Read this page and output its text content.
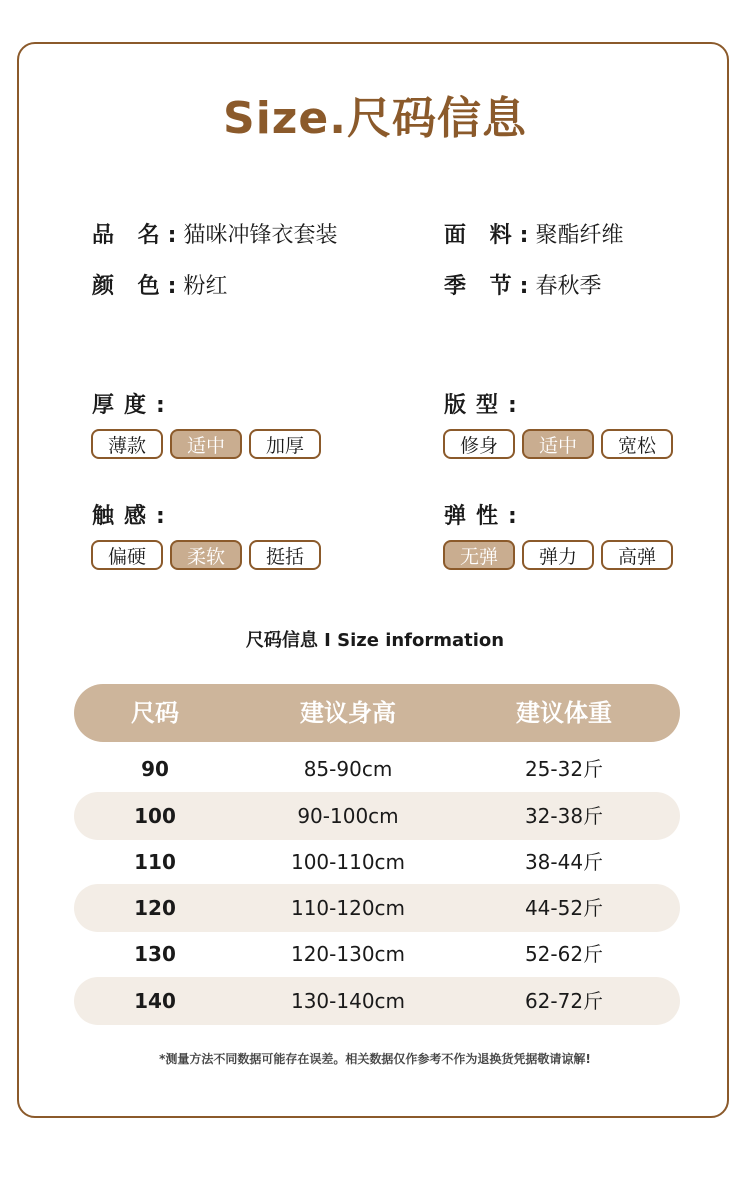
Size.尺码信息
品 名: 猫咪冲锋衣套装	面 料: 聚酯纤维
颜 色: 粉红	季 节: 春秋季
厚度:
薄款	适中	加厚
版型:
修身	适中	宽松
触感:
偏硬	柔软	挺括
弹性:
无弹	弹力	高弹
尺码信息 I Size information
尺码	建议身高	建议体重
90	85-90cm	25-32斤
100	90-100cm	32-38斤
110	100-110cm	38-44斤
120	110-120cm	44-52斤
130	120-130cm	52-62斤
140	130-140cm	62-72斤
*测量方法不同数据可能存在误差。相关数据仅作参考不作为退换货凭据敬请谅解!
